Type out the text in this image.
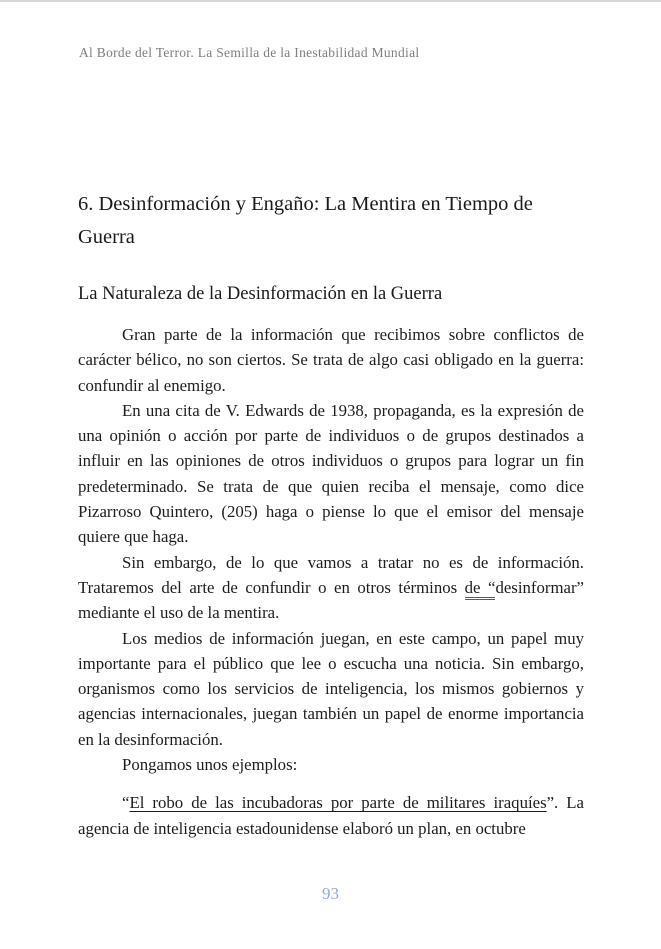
Al Borde del Terror. La Semilla de la Inestabilidad Mundial
6. Desinformación y Engaño: La Mentira en Tiempo de Guerra
La Naturaleza de la Desinformación en la Guerra

Gran parte de la información que recibimos sobre conflictos de carácter bélico, no son ciertos. Se trata de algo casi obligado en la guerra: confundir al enemigo.

En una cita de V. Edwards de 1938, propaganda, es la expresión de una opinión o acción por parte de individuos o de grupos destinados a influir en las opiniones de otros individuos o grupos para lograr un fin predeterminado. Se trata de que quien reciba el mensaje, como dice Pizarroso Quintero, (205) haga o piense lo que el emisor del mensaje quiere que haga.

Sin embargo, de lo que vamos a tratar no es de información. Trataremos del arte de confundir o en otros términos de “desinformar” mediante el uso de la mentira.

Los medios de información juegan, en este campo, un papel muy importante para el público que lee o escucha una noticia. Sin embargo, organismos como los servicios de inteligencia, los mismos gobiernos y agencias internacionales, juegan también un papel de enorme importancia en la desinformación.

Pongamos unos ejemplos:

“El robo de las incubadoras por parte de militares iraquíes”. La agencia de inteligencia estadounidense elaboró un plan, en octubre

93
